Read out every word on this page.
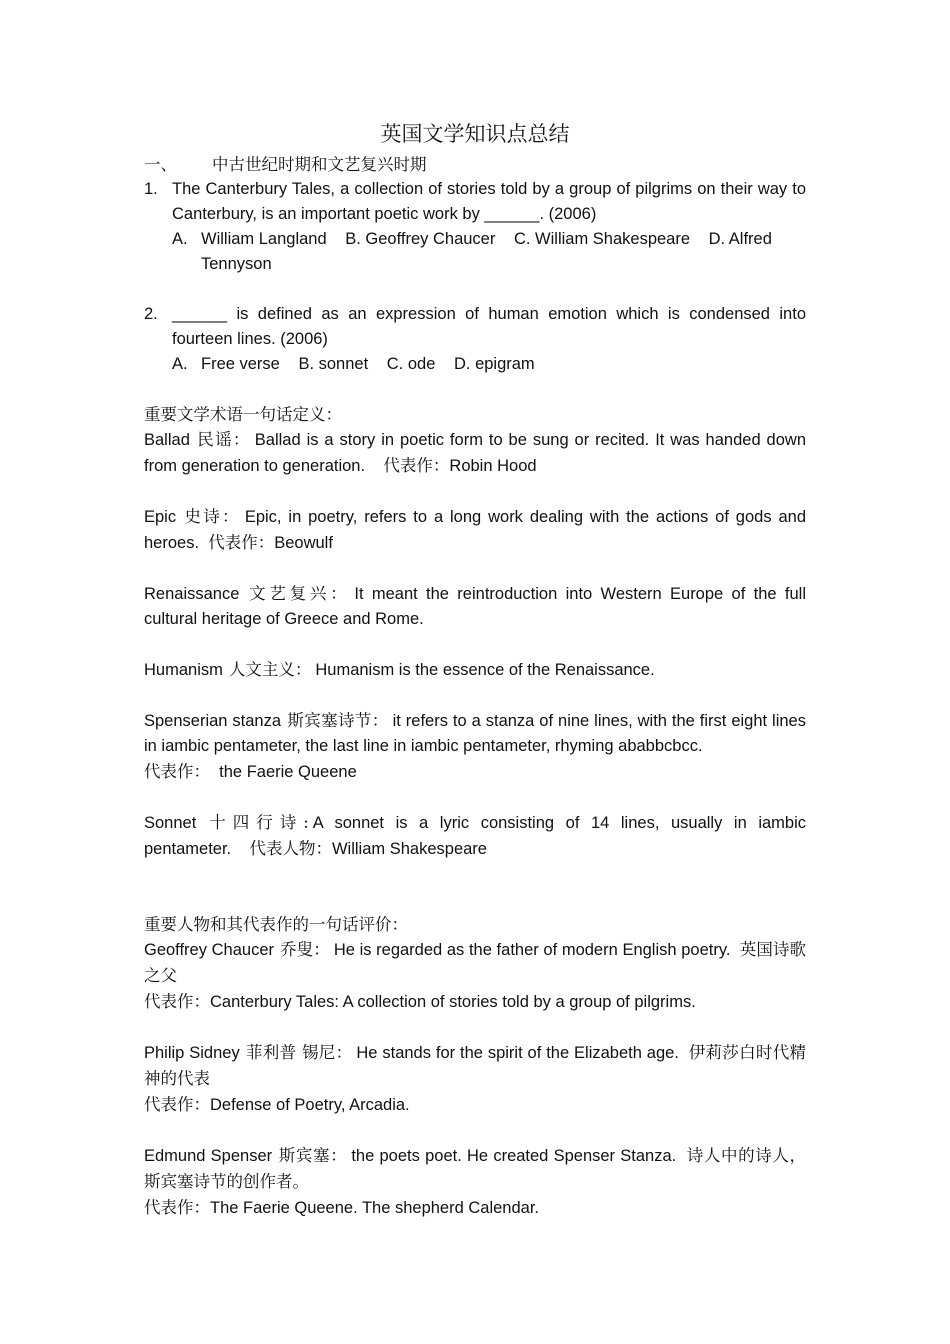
英国文学知识点总结
一、	中古世纪时期和文艺复兴时期
1. The Canterbury Tales, a collection of stories told by a group of pilgrims on their way to Canterbury, is an important poetic work by ______. (2006)
A. William Langland B. Geoffrey Chaucer C. William Shakespeare D. Alfred Tennyson
2. ______ is defined as an expression of human emotion which is condensed into fourteen lines. (2006)
A. Free verse B. sonnet C. ode D. epigram
重要文学术语一句话定义：

Ballad 民谣： Ballad is a story in poetic form to be sung or recited. It was handed down from generation to generation. 代表作：Robin Hood

Epic 史诗： Epic, in poetry, refers to a long work dealing with the actions of gods and heroes. 代表作：Beowulf

Renaissance 文艺复兴： It meant the reintroduction into Western Europe of the full cultural heritage of Greece and Rome.

Humanism 人文主义： Humanism is the essence of the Renaissance.

Spenserian stanza 斯宾塞诗节： it refers to a stanza of nine lines, with the first eight lines in iambic pentameter, the last line in iambic pentameter, rhyming ababbcbcc.
代表作： the Faerie Queene

Sonnet 十四行诗: A sonnet is a lyric consisting of 14 lines, usually in iambic pentameter. 代表人物：William Shakespeare

重要人物和其代表作的一句话评价：

Geoffrey Chaucer 乔叟： He is regarded as the father of modern English poetry. 英国诗歌之父
代表作：Canterbury Tales: A collection of stories told by a group of pilgrims.

Philip Sidney 菲利普 锡尼： He stands for the spirit of the Elizabeth age. 伊莉莎白时代精神的代表
代表作：Defense of Poetry, Arcadia.

Edmund Spenser 斯宾塞： the poets poet. He created Spenser Stanza. 诗人中的诗人，斯宾塞诗节的创作者。
代表作：The Faerie Queene. The shepherd Calendar.
